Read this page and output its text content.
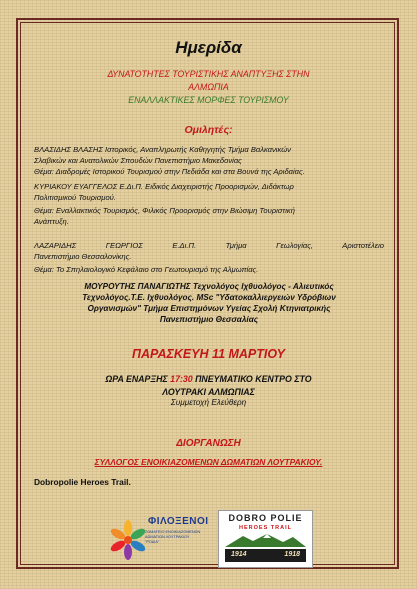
Ημερίδα
ΔΥΝΑΤΟΤΗΤΕΣ ΤΟΥΡΙΣΤΙΚΗΣ ΑΝΑΠΤΥΞΗΣ ΣΤΗΝ
ΑΛΜΩΠΙΑ
ΕΝΑΛΛΑΚΤΙΚΕΣ ΜΟΡΦΕΣ ΤΟΥΡΙΣΜΟΥ
Ομιλητές:
ΒΛΑΣΙΔΗΣ ΒΛΑΣΗΣ Ιστορικός, Αναπληρωτής Καθηγητής Τμήμα Βαλκανικών
Σλαβικών και Ανατολικών Σπουδών Πανεπιστήμιο Μακεδονίας
Θέμα: Διαδρομές Ιστορικού Τουρισμού στην Πεδιάδα και στα Βουνά της Αριδαίας.
ΚΥΡΙΑΚΟΥ ΕΥΑΓΓΕΛΟΣ Ε.Δι.Π. Ειδικός Διαχειριστής Προορισμών, Διδάκτωρ
Πολιτισμικού Τουρισμού.
Θέμα: Εναλλακτικός Τουρισμός, Φιλικός Προορισμός στην Βιώσιμη Τουριστική
Ανάπτυξη.
ΛΑΖΑΡΙΔΗΣ ΓΕΩΡΓΙΟΣ Ε.Δι.Π. Τμήμα Γεωλογίας, Αριστοτέλειο
Πανεπιστήμιο Θεσσαλονίκης.
Θέμα: Το Σπηλαιολογικό Κεφάλαιο στο Γεωτουρισμό της Αλμωπίας.
ΜΟΥΡΟΥΤΗΣ ΠΑΝΑΓΙΩΤΗΣ Τεχνολόγος Ιχθυολόγος - Αλιευτικός
Τεχνολόγος.Τ.Ε. Ιχθυολόγος. MSc "Υδατοκαλλιεργειών Υδρόβιων
Οργανισμών" Τμήμα Επιστημόνων Υγείας Σχολή Κτηνιατρικής
Πανεπιστήμιο Θεσσαλίας
ΠΑΡΑΣΚΕΥΗ 11 ΜΑΡΤΙΟΥ
ΩΡΑ ΕΝΑΡΞΗΣ 17:30 ΠΝΕΥΜΑΤΙΚΟ ΚΕΝΤΡΟ ΣΤΟ
ΛΟΥΤΡΑΚΙ ΑΛΜΩΠΙΑΣ
Συμμετοχή Ελεύθερη
ΔΙΟΡΓΑΝΩΣΗ
ΣΥΛΛΟΓΟΣ ΕΝΟΙΚΙΑΖΟΜΕΝΩΝ ΔΩΜΑΤΙΩΝ ΛΟΥΤΡΑΚΙΟΥ.
Dobropolie Heroes Trail.
ΦΙΛΟΞΕΝΟΙ
ΣΩΜΑΤΕΙΟ ΕΝΟΙΚΙΑΖΟΜΕΝΩΝ ΔΩΜΑΤΙΩΝ ΛΟΥΤΡΑΚΙΟΥ "ΡΟΔΙΑ"
DOBRO POLIE
HEROES TRAIL
1914	1918
